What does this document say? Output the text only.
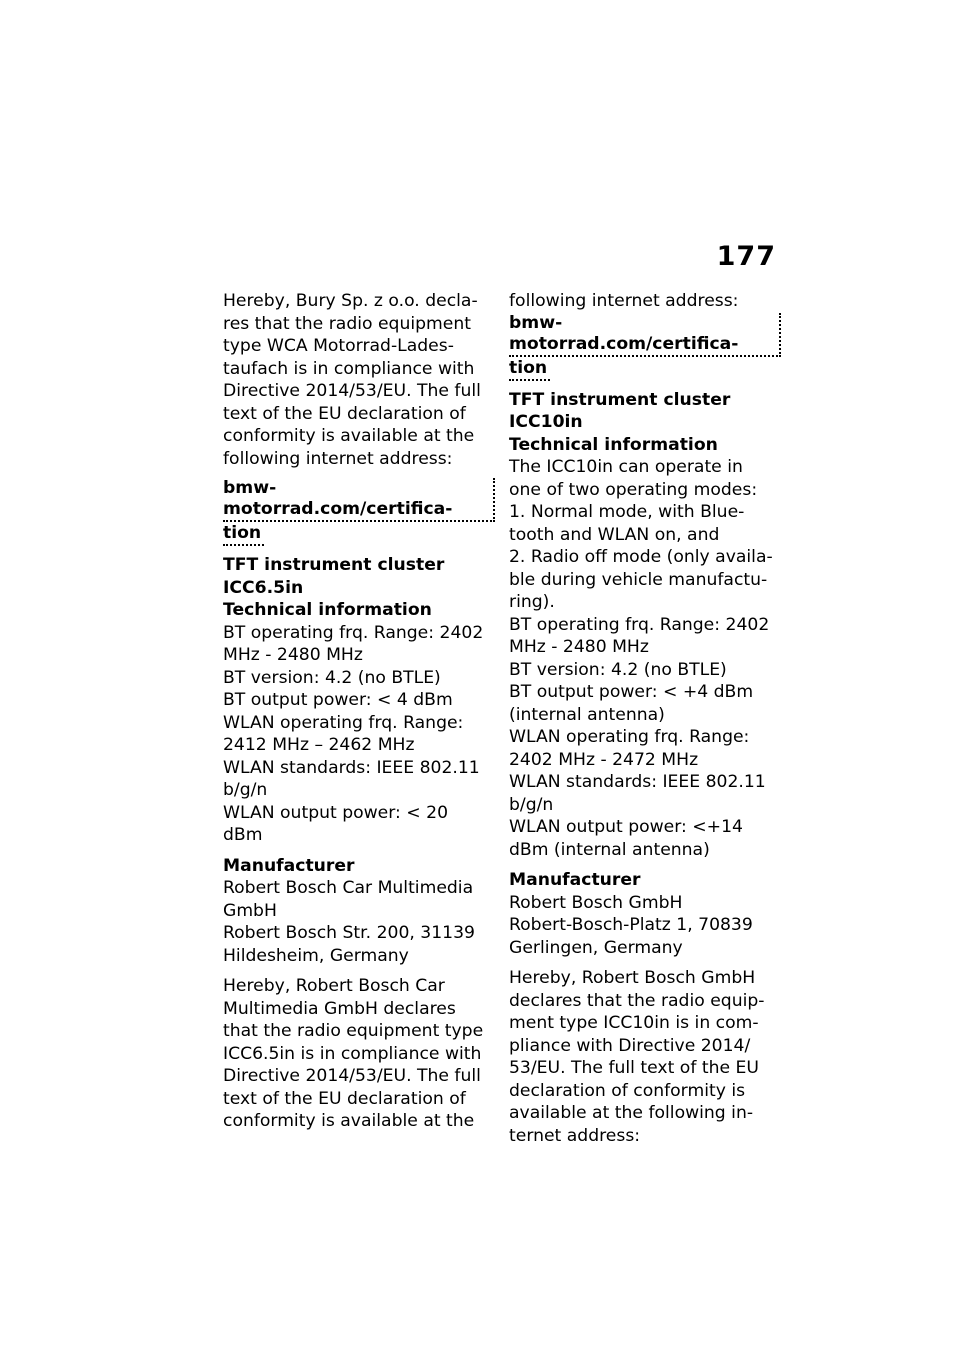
177

Hereby, Bury Sp. z o.o. decla-
res that the radio equipment
type WCA Motorrad-Lades-
taufach is in compliance with
Directive 2014/53/EU. The full
text of the EU declaration of
conformity is available at the
following internet address:

bmw-motorrad.com/certifica-
tion
TFT instrument cluster
ICC6.5in
Technical information

BT operating frq. Range: 2402
MHz - 2480 MHz
BT version: 4.2 (no BTLE)
BT output power: < 4 dBm
WLAN operating frq. Range:
2412 MHz – 2462 MHz
WLAN standards: IEEE 802.11
b/g/n
WLAN output power: < 20
dBm

Manufacturer

Robert Bosch Car Multimedia
GmbH
Robert Bosch Str. 200, 31139
Hildesheim, Germany

Hereby, Robert Bosch Car
Multimedia GmbH declares
that the radio equipment type
ICC6.5in is in compliance with
Directive 2014/53/EU. The full
text of the EU declaration of
conformity is available at the

following internet address:

bmw-motorrad.com/certifica-
tion
TFT instrument cluster
ICC10in
Technical information

The ICC10in can operate in
one of two operating modes:
1. Normal mode, with Blue-
tooth and WLAN on, and
2. Radio off mode (only availa-
ble during vehicle manufactu-
ring).
BT operating frq. Range: 2402
MHz - 2480 MHz
BT version: 4.2 (no BTLE)
BT output power: < +4 dBm
(internal antenna)
WLAN operating frq. Range:
2402 MHz - 2472 MHz
WLAN standards: IEEE 802.11
b/g/n
WLAN output power: <+14
dBm (internal antenna)

Manufacturer

Robert Bosch GmbH
Robert-Bosch-Platz 1, 70839
Gerlingen, Germany

Hereby, Robert Bosch GmbH
declares that the radio equip-
ment type ICC10in is in com-
pliance with Directive 2014/
53/EU. The full text of the EU
declaration of conformity is
available at the following in-
ternet address:
